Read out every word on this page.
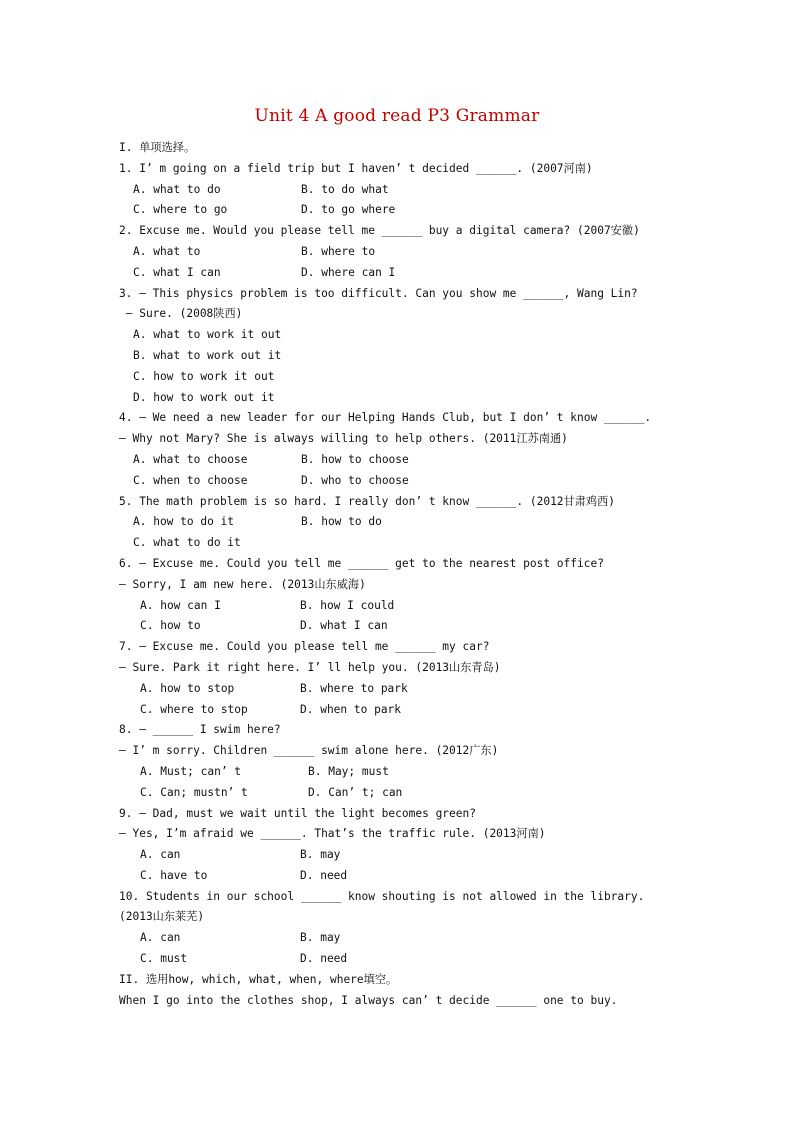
Unit 4 A good read P3 Grammar
I. 单项选择。
1. I’ m going on a field trip but I haven’ t decided ______. (2007河南)
A. what to do	B. to do what
C. where to go	D. to go where
2. Excuse me. Would you please tell me ______ buy a digital camera? (2007安徽)
A. what to	B. where to
C. what I can	D. where can I
3. — This physics problem is too difficult. Can you show me ______, Wang Lin?
— Sure. (2008陕西)
A. what to work it out
B. what to work out it
C. how to work it out
D. how to work out it
4. — We need a new leader for our Helping Hands Club, but I don’ t know ______.
— Why not Mary? She is always willing to help others. (2011江苏南通)
A. what to choose	B. how to choose
C. when to choose	D. who to choose
5. The math problem is so hard. I really don’ t know ______. (2012甘肃鸡西)
A. how to do it	B. how to do
C. what to do it
6. — Excuse me. Could you tell me ______ get to the nearest post office?
— Sorry, I am new here. (2013山东威海)
A. how can I	B. how I could
C. how to	D. what I can
7. — Excuse me. Could you please tell me ______ my car?
— Sure. Park it right here. I’ ll help you. (2013山东青岛)
A. how to stop	B. where to park
C. where to stop	D. when to park
8. — ______ I swim here?
— I’ m sorry. Children ______ swim alone here. (2012广东)
A. Must; can’ t	B. May; must
C. Can; mustn’ t	D. Can’ t; can
9. — Dad, must we wait until the light becomes green?
— Yes, I’m afraid we ______. That’s the traffic rule. (2013河南)
A. can	B. may
C. have to	D. need
10. Students in our school ______ know shouting is not allowed in the library.
(2013山东莱芜)
A. can	B. may
C. must	D. need
II. 选用how, which, what, when, where填空。
When I go into the clothes shop, I always can’ t decide ______ one to buy.
